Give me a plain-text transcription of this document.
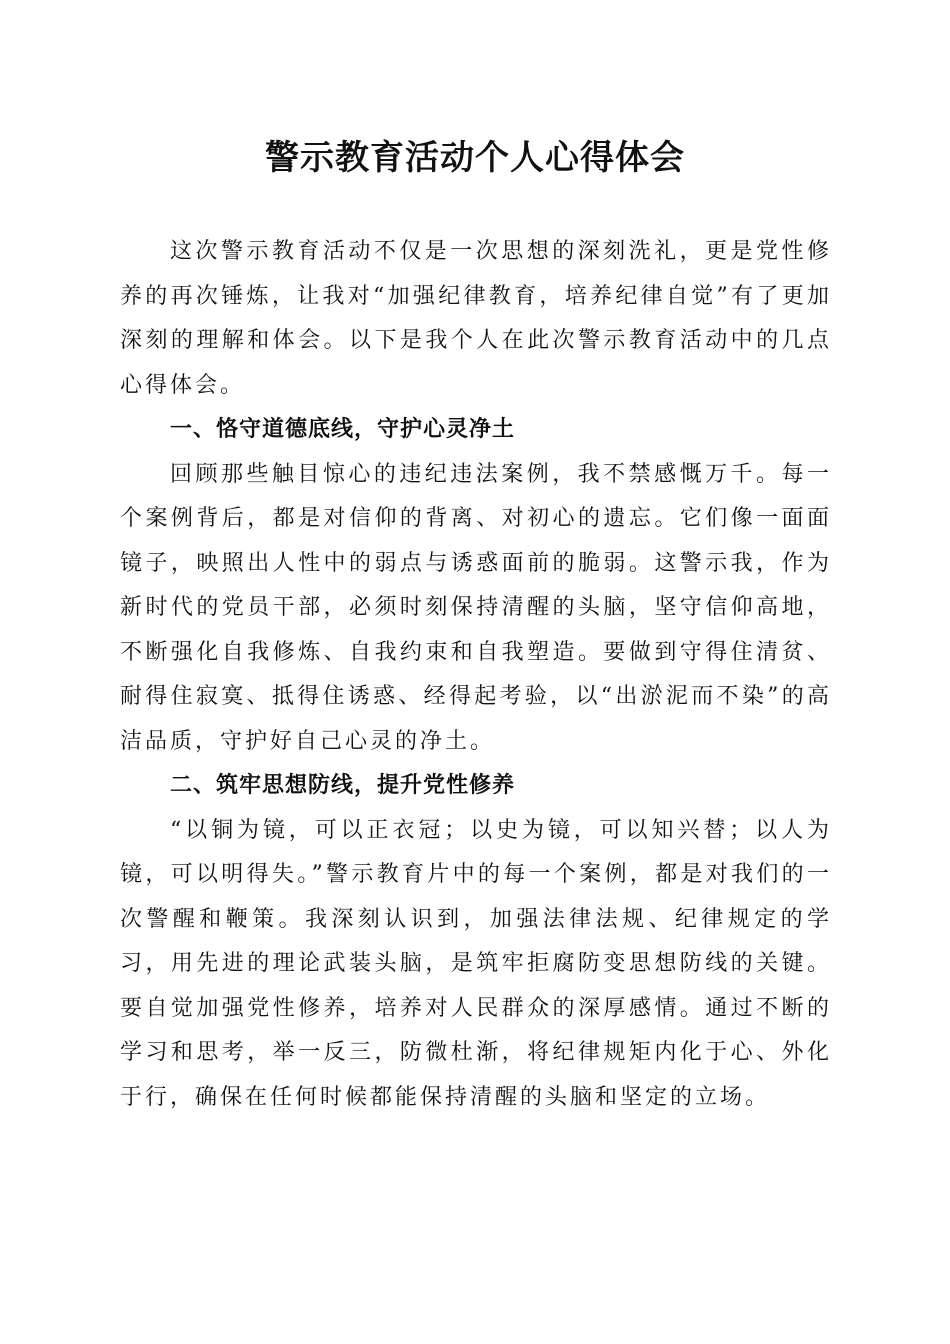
警示教育活动个人心得体会

这次警示教育活动不仅是一次思想的深刻洗礼，更是党性修养的再次锤炼，让我对“加强纪律教育，培养纪律自觉”有了更加深刻的理解和体会。以下是我个人在此次警示教育活动中的几点心得体会。

一、恪守道德底线，守护心灵净土

回顾那些触目惊心的违纪违法案例，我不禁感慨万千。每一个案例背后，都是对信仰的背离、对初心的遗忘。它们像一面面镜子，映照出人性中的弱点与诱惑面前的脆弱。这警示我，作为新时代的党员干部，必须时刻保持清醒的头脑，坚守信仰高地，不断强化自我修炼、自我约束和自我塑造。要做到守得住清贫、耐得住寂寞、抵得住诱惑、经得起考验，以“出淤泥而不染”的高洁品质，守护好自己心灵的净土。

二、筑牢思想防线，提升党性修养

“以铜为镜，可以正衣冠；以史为镜，可以知兴替；以人为镜，可以明得失。”警示教育片中的每一个案例，都是对我们的一次警醒和鞭策。我深刻认识到，加强法律法规、纪律规定的学习，用先进的理论武装头脑，是筑牢拒腐防变思想防线的关键。要自觉加强党性修养，培养对人民群众的深厚感情。通过不断的学习和思考，举一反三，防微杜渐，将纪律规矩内化于心、外化于行，确保在任何时候都能保持清醒的头脑和坚定的立场。
